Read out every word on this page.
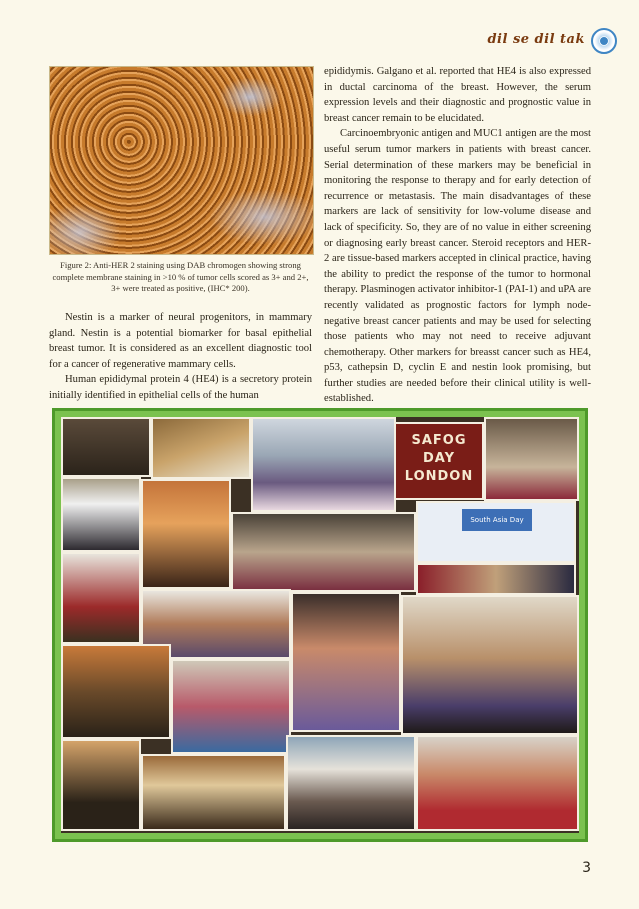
dil se dil tak
Figure 2: Anti-HER 2 staining using DAB chromogen showing strong complete membrane staining in >10 % of tumor cells scored as 3+ and 2+, 3+ were treated as positive, (IHC* 200).

Nestin is a marker of neural progenitors, in mammary gland. Nestin is a potential biomarker for basal epithelial breast tumor. It is considered as an excellent diagnostic tool for a cancer of regenerative mammary cells.

Human epididymal protein 4 (HE4) is a secretory protein initially identified in epithelial cells of the human

epididymis. Galgano et al. reported that HE4 is also expressed in ductal carcinoma of the breast. However, the serum expression levels and their diagnostic and prognostic value in breast cancer remain to be elucidated.

Carcinoembryonic antigen and MUC1 antigen are the most useful serum tumor markers in patients with breast cancer. Serial determination of these markers may be beneficial in monitoring the response to therapy and for early detection of recurrence or metastasis. The main disadvantages of these markers are lack of sensitivity for low-volume disease and lack of specificity. So, they are of no value in either screening or diagnosing early breast cancer. Steroid receptors and HER-2 are tissue-based markers accepted in clinical practice, having the ability to predict the response of the tumor to hormonal therapy. Plasminogen activator inhibitor-1 (PAI-1) and uPA are recently validated as prognostic factors for lymph node-negative breast cancer patients and may be used for selecting those patients who may not need to receive adjuvant chemotherapy. Other markers for breasst cancer such as HE4, p53, cathepsin D, cyclin E and nestin look promising, but further studies are needed before their clinical utility is well-established.

SAFOG
DAY
LONDON
South Asia Day
3
